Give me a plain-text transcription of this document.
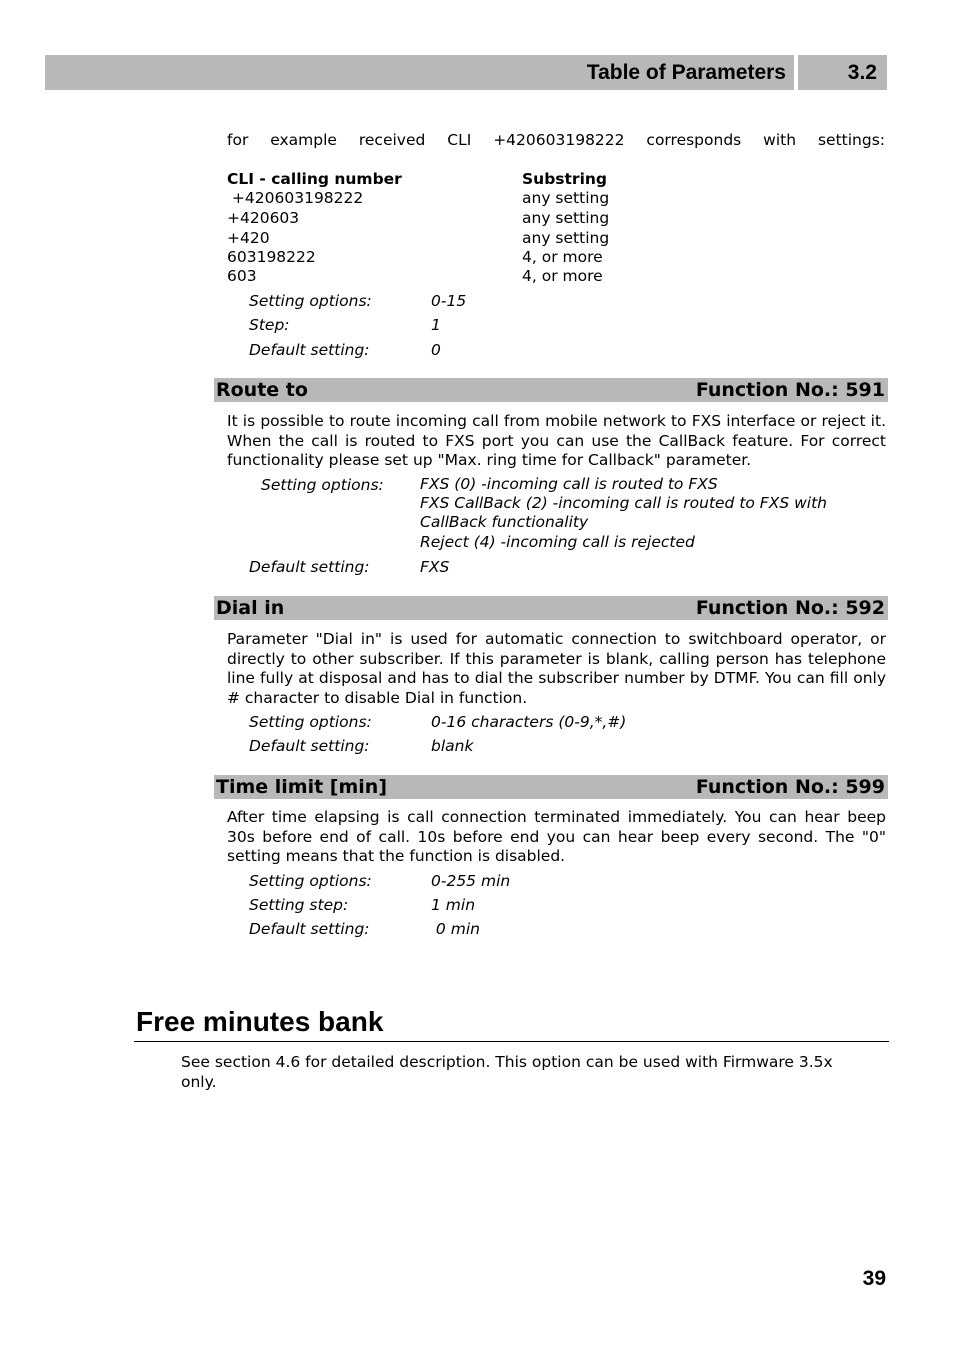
Table of Parameters	3.2
for example received CLI +420603198222 corresponds with settings:
CLI - calling number	Substring
+420603198222	any setting
+420603	any setting
+420	any setting
603198222	4, or more
603	4, or more
Setting options:	0-15
Step:	1
Default setting:	0
Route to	Function No.: 591
It is possible to route incoming call from mobile network to FXS interface or reject it. When the call is routed to FXS port you can use the CallBack feature. For correct functionality please set up "Max. ring time for Callback" parameter.
Setting options: FXS (0) -incoming call is routed to FXS
FXS CallBack (2) -incoming call is routed to FXS with
CallBack functionality
Reject (4) -incoming call is rejected
Default setting:	FXS
Dial in	Function No.: 592
Parameter "Dial in" is used for automatic connection to switchboard operator, or directly to other subscriber. If this parameter is blank, calling person has telephone line fully at disposal and has to dial the subscriber number by DTMF. You can fill only # character to disable Dial in function.
Setting options:	0-16 characters (0-9,*,#)
Default setting:	blank
Time limit [min]	Function No.: 599
After time elapsing is call connection terminated immediately. You can hear beep 30s before end of call. 10s before end you can hear beep every second. The "0" setting means that the function is disabled.
Setting options:	0-255 min
Setting step:	1 min
Default setting:	0 min
Free minutes bank
See section 4.6 for detailed description. This option can be used with Firmware 3.5x only.
39
